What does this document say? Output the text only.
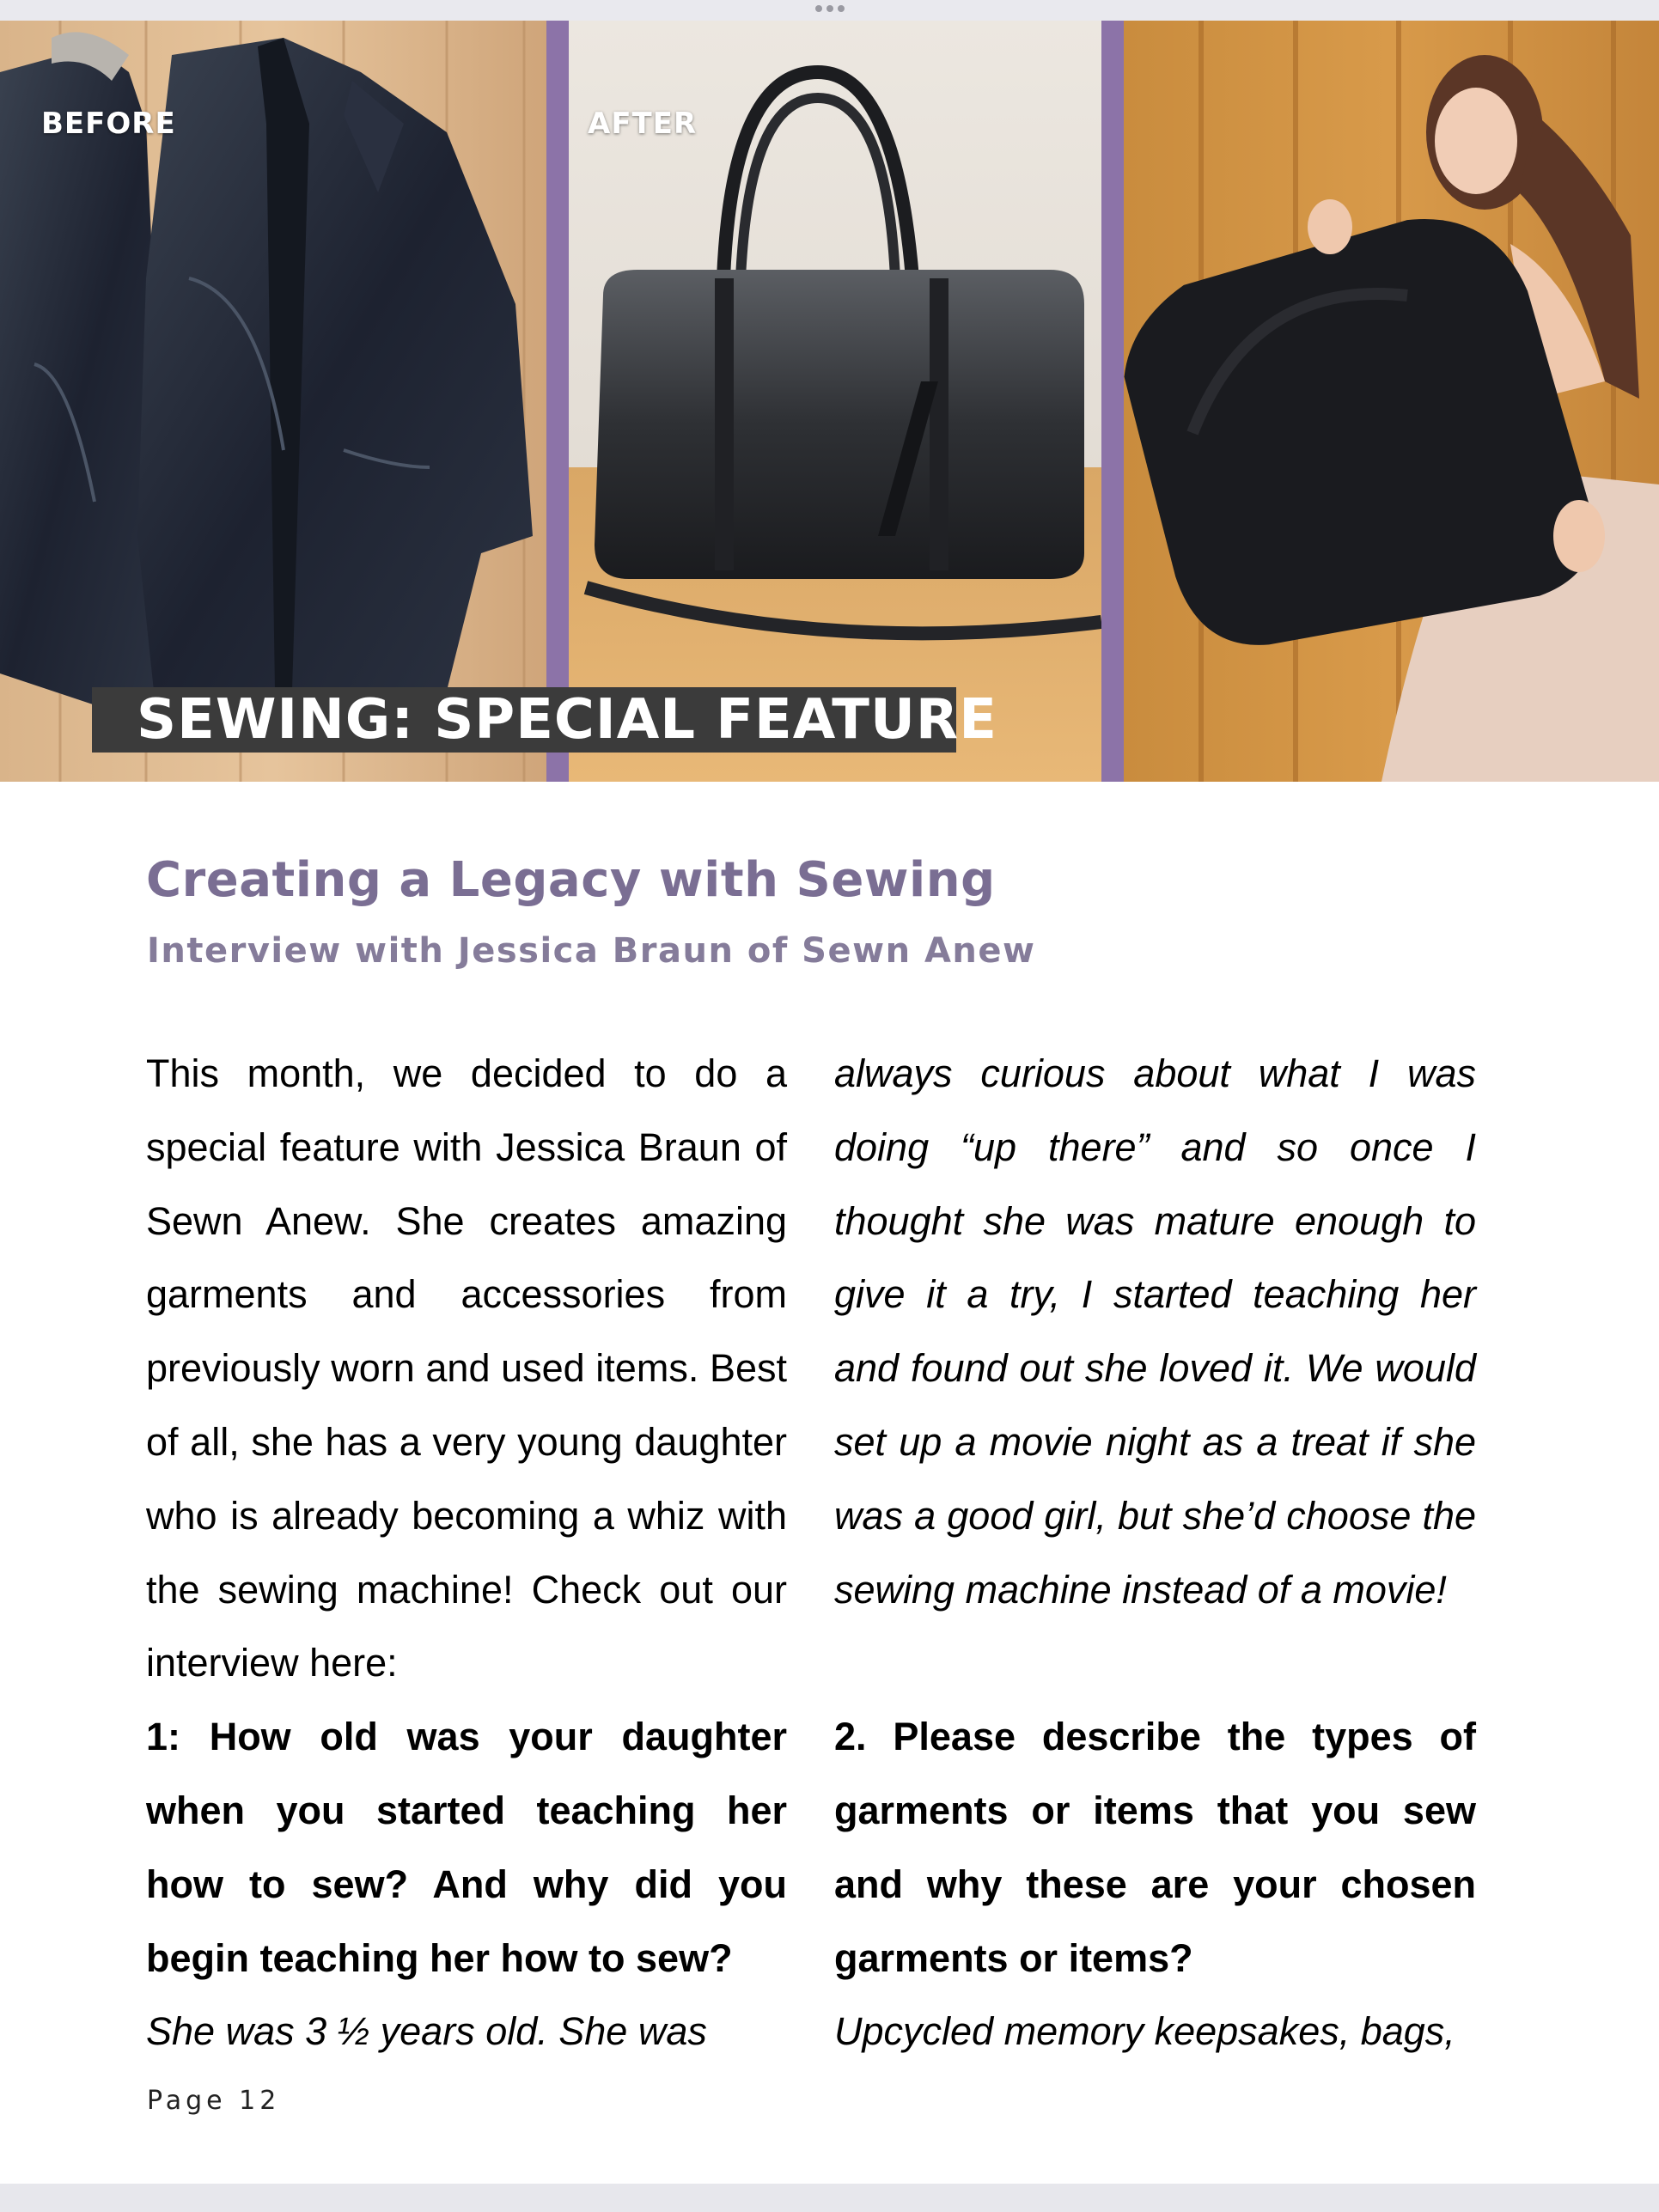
BEFORE	AFTER
SEWING: SPECIAL FEATURE
Creating a Legacy with Sewing
Interview with Jessica Braun of Sewn Anew

This month, we decided to do a special feature with Jessica Braun of Sewn Anew. She creates amazing garments and accessories from previously worn and used items. Best of all, she has a very young daughter who is already becoming a whiz with the sewing machine! Check out our interview here:

1: How old was your daughter when you started teaching her how to sew? And why did you begin teaching her how to sew?

She was 3 ½ years old. She was

always curious about what I was doing “up there” and so once I thought she was mature enough to give it a try, I started teaching her and found out she loved it. We would set up a movie night as a treat if she was a good girl, but she’d choose the sewing machine instead of a movie!

2. Please describe the types of garments or items that you sew and why these are your chosen garments or items?

Upcycled memory keepsakes, bags,

Page 12
